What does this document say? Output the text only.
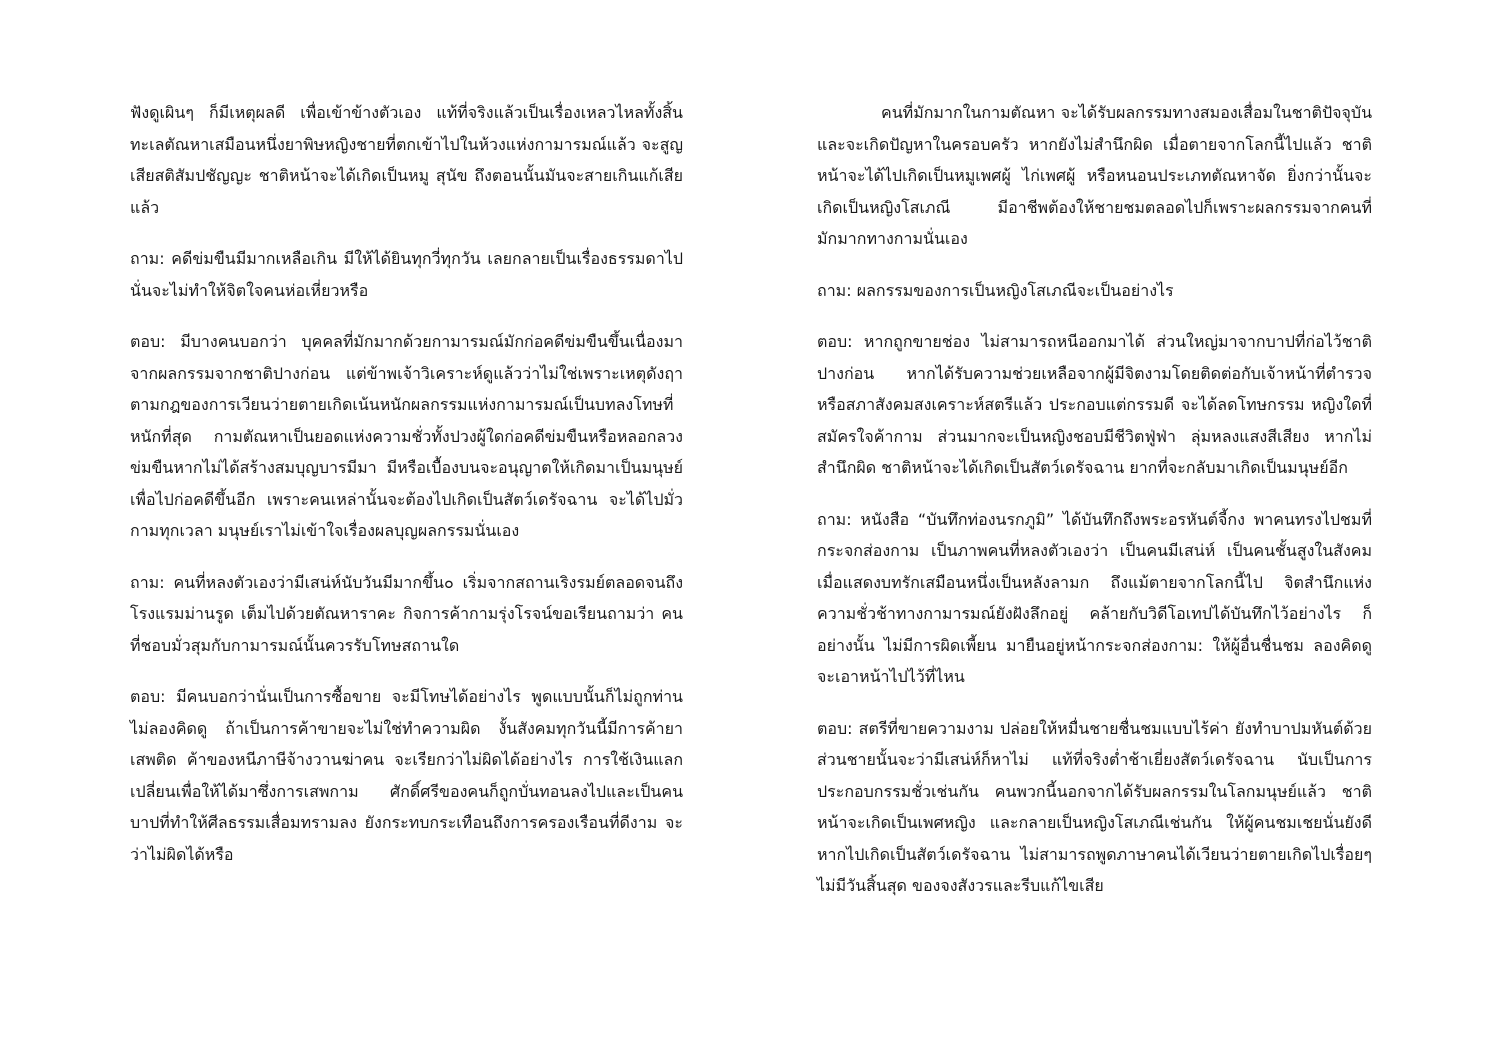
ฟังดูเผินๆ ก็มีเหตุผลดี เพื่อเข้าข้างตัวเอง แท้ที่จริงแล้วเป็นเรื่องเหลวไหลทั้งสิ้น ทะเลตัณหาเสมือนหนึ่งยาพิษหญิงชายที่ตกเข้าไปในห้วงแห่งกามารมณ์แล้ว จะสูญเสียสติสัมปชัญญะ ชาติหน้าจะได้เกิดเป็นหมู สุนัข ถึงตอนนั้นมันจะสายเกินแก้เสียแล้ว

ถาม: คดีข่มขืนมีมากเหลือเกิน มีให้ได้ยินทุกวี่ทุกวัน เลยกลายเป็นเรื่องธรรมดาไป นั่นจะไม่ทำให้จิตใจคนห่อเหี่ยวหรือ

ตอบ: มีบางคนบอกว่า บุคคลที่มักมากด้วยกามารมณ์มักก่อคดีข่มขืนขึ้นเนื่องมาจากผลกรรมจากชาติปางก่อน แต่ข้าพเจ้าวิเคราะห์ดูแล้วว่าไม่ใช่เพราะเหตุดังฤา ตามกฎของการเวียนว่ายตายเกิดเน้นหนักผลกรรมแห่งกามารมณ์เป็นบทลงโทษที่หนักที่สุด กามตัณหาเป็นยอดแห่งความชั่วทั้งปวงผู้ใดก่อคดีข่มขืนหรือหลอกลวงข่มขืนหากไม่ได้สร้างสมบุญบารมีมา มีหรือเบื้องบนจะอนุญาตให้เกิดมาเป็นมนุษย์เพื่อไปก่อคดีขึ้นอีก เพราะคนเหล่านั้นจะต้องไปเกิดเป็นสัตว์เดรัจฉาน จะได้ไปมั่วกามทุกเวลา มนุษย์เราไม่เข้าใจเรื่องผลบุญผลกรรมนั่นเอง

ถาม: คนที่หลงตัวเองว่ามีเสน่ห์นับวันมีมากขึ้น๐ เริ่มจากสถานเริงรมย์ตลอดจนถึงโรงแรมม่านรูด เต็มไปด้วยตัณหาราคะ กิจการค้ากามรุ่งโรจน์ขอเรียนถามว่า คนที่ชอบมั่วสุมกับกามารมณ์นั้นควรรับโทษสถานใด

ตอบ: มีคนบอกว่านั่นเป็นการซื้อขาย จะมีโทษได้อย่างไร พูดแบบนั้นก็ไม่ถูกท่านไม่ลองคิดดู ถ้าเป็นการค้าขายจะไม่ใช่ทำความผิด งั้นสังคมทุกวันนี้มีการค้ายาเสพติด ค้าของหนีภาษีจ้างวานฆ่าคน จะเรียกว่าไม่ผิดได้อย่างไร การใช้เงินแลกเปลี่ยนเพื่อให้ได้มาซึ่งการเสพกาม ศักดิ์ศรีของคนก็ถูกบั่นทอนลงไปและเป็นคนบาปที่ทำให้ศีลธรรมเสื่อมทรามลง ยังกระทบกระเทือนถึงการครองเรือนที่ดีงาม จะว่าไม่ผิดได้หรือ

คนที่มักมากในกามตัณหา จะได้รับผลกรรมทางสมองเสื่อมในชาติปัจจุบัน และจะเกิดปัญหาในครอบครัว หากยังไม่สำนึกผิด เมื่อตายจากโลกนี้ไปแล้ว ชาติหน้าจะได้ไปเกิดเป็นหมูเพศผู้ ไก่เพศผู้ หรือหนอนประเภทตัณหาจัด ยิ่งกว่านั้นจะเกิดเป็นหญิงโสเภณี มีอาชีพต้องให้ชายชมตลอดไปก็เพราะผลกรรมจากคนที่มักมากทางกามนั่นเอง

ถาม: ผลกรรมของการเป็นหญิงโสเภณีจะเป็นอย่างไร

ตอบ: หากถูกขายช่อง ไม่สามารถหนีออกมาได้ ส่วนใหญ่มาจากบาปที่ก่อไว้ชาติปางก่อน หากได้รับความช่วยเหลือจากผู้มีจิตงามโดยติดต่อกับเจ้าหน้าที่ตำรวจหรือสภาสังคมสงเคราะห์สตรีแล้ว ประกอบแต่กรรมดี จะได้ลดโทษกรรม หญิงใดที่สมัครใจค้ากาม ส่วนมากจะเป็นหญิงชอบมีชีวิตฟู่ฟ่า ลุ่มหลงแสงสีเสียง หากไม่สำนึกผิด ชาติหน้าจะได้เกิดเป็นสัตว์เดรัจฉาน ยากที่จะกลับมาเกิดเป็นมนุษย์อีก

ถาม: หนังสือ “บันทึกท่องนรกภูมิ” ได้บันทึกถึงพระอรหันต์จี้กง พาคนทรงไปชมที่กระจกส่องกาม เป็นภาพคนที่หลงตัวเองว่า เป็นคนมีเสน่ห์ เป็นคนชั้นสูงในสังคม เมื่อแสดงบทรักเสมือนหนึ่งเป็นหลังลามก ถึงแม้ตายจากโลกนี้ไป จิตสำนึกแห่งความชั่วช้าทางกามารมณ์ยังฝังลึกอยู่ คล้ายกับวิดีโอเทปได้บันทึกไว้อย่างไร ก็อย่างนั้น ไม่มีการผิดเพี้ยน มายืนอยู่หน้ากระจกส่องกาม: ให้ผู้อื่นชื่นชม ลองคิดดู จะเอาหน้าไปไว้ที่ไหน

ตอบ: สตรีที่ขายความงาม ปล่อยให้หมื่นชายชื่นชมแบบไร้ค่า ยังทำบาปมหันต์ด้วย ส่วนชายนั้นจะว่ามีเสน่ห์ก็หาไม่ แท้ที่จริงต่ำช้าเยี่ยงสัตว์เดรัจฉาน นับเป็นการประกอบกรรมชั่วเช่นกัน คนพวกนี้นอกจากได้รับผลกรรมในโลกมนุษย์แล้ว ชาติหน้าจะเกิดเป็นเพศหญิง และกลายเป็นหญิงโสเภณีเช่นกัน ให้ผู้คนชมเชยนั่นยังดี หากไปเกิดเป็นสัตว์เดรัจฉาน ไม่สามารถพูดภาษาคนได้เวียนว่ายตายเกิดไปเรื่อยๆ ไม่มีวันสิ้นสุด ของจงสังวรและรีบแก้ไขเสีย
